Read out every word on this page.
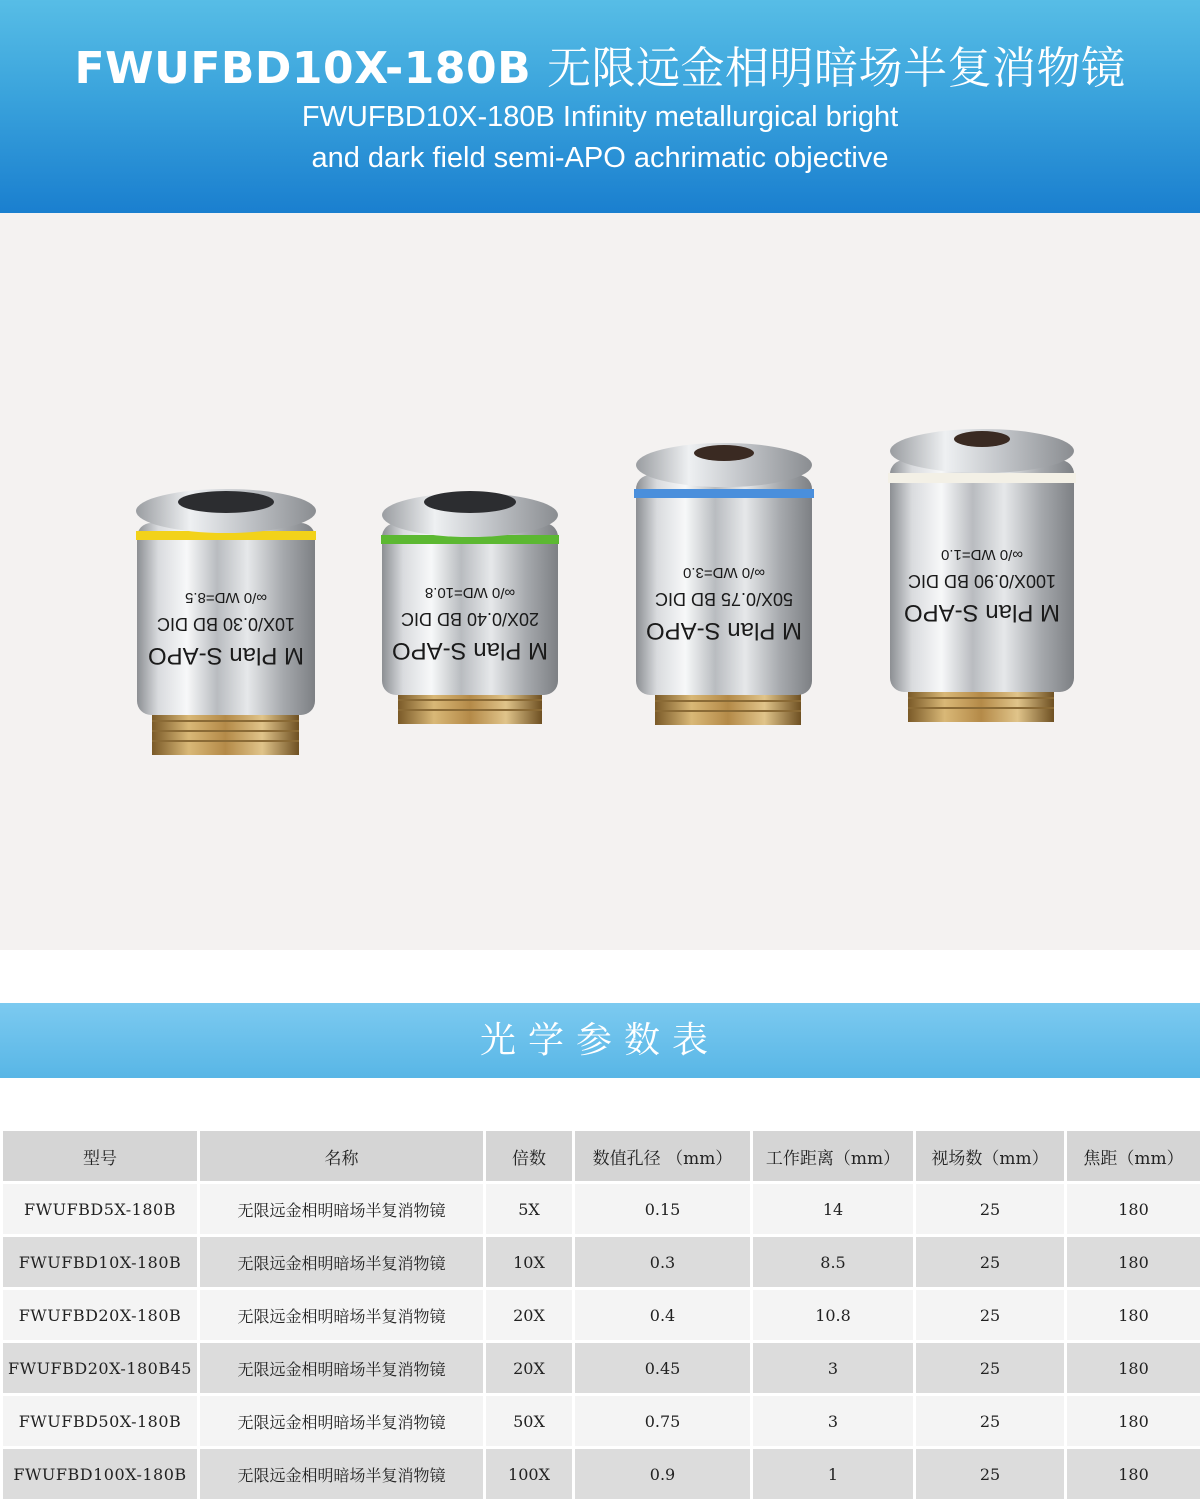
FWUFBD10X-180B 无限远金相明暗场半复消物镜
FWUFBD10X-180B Infinity metallurgical bright
and dark field semi-APO achrimatic objective
M Plan S-APO
10X/0.30 BD DIC
∞/0 WD=8.5
M Plan S-APO
20X/0.40 BD DIC
∞/0 WD=10.8
M Plan S-APO
50X/0.75 BD DIC
∞/0 WD=3.0
M Plan S-APO
100X/0.90 BD DIC
∞/0 WD=1.0
光学参数表
型号	名称	倍数	数值孔径 （mm）	工作距离（mm）	视场数（mm）	焦距（mm）
FWUFBD5X-180B	无限远金相明暗场半复消物镜	5X	0.15	14	25	180
FWUFBD10X-180B	无限远金相明暗场半复消物镜	10X	0.3	8.5	25	180
FWUFBD20X-180B	无限远金相明暗场半复消物镜	20X	0.4	10.8	25	180
FWUFBD20X-180B45	无限远金相明暗场半复消物镜	20X	0.45	3	25	180
FWUFBD50X-180B	无限远金相明暗场半复消物镜	50X	0.75	3	25	180
FWUFBD100X-180B	无限远金相明暗场半复消物镜	100X	0.9	1	25	180
